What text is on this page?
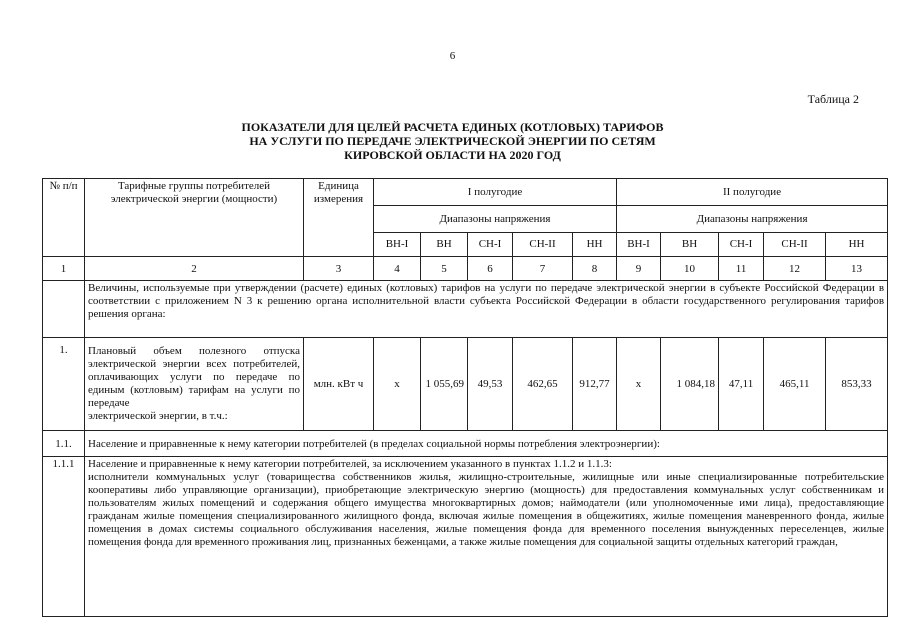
6
Таблица 2
ПОКАЗАТЕЛИ ДЛЯ ЦЕЛЕЙ РАСЧЕТА ЕДИНЫХ (КОТЛОВЫХ) ТАРИФОВ
НА УСЛУГИ ПО ПЕРЕДАЧЕ ЭЛЕКТРИЧЕСКОЙ ЭНЕРГИИ ПО СЕТЯМ
КИРОВСКОЙ ОБЛАСТИ НА 2020 ГОД
№ п/п	Тарифные группы потребителей электрической энергии (мощности)	Единица
измерения	I полугодие					II полугодие				
			Диапазоны напряжения					Диапазоны напряжения				
			ВН-I	ВН	СН-I	СН-II	НН	ВН-I	ВН	СН-I	СН-II	НН
1	2	3	4	5	6	7	8	9	10	11	12	13
	Величины, используемые при утверждении (расчете) единых (котловых) тарифов на услуги по передаче электрической энергии в субъекте Российской Федерации в соответствии с приложением N 3 к решению органа исполнительной власти субъекта Российской Федерации в области государственного регулирования тарифов решения органа:											
1.	Плановый объем полезного отпуска электрической энергии всех потребителей, оплачивающих услуги по передаче по единым (котловым) тарифам на услуги по передаче
электрической энергии, в т.ч.:	млн. кВт ч	х	1 055,69	49,53	462,65	912,77	х	1 084,18	47,11	465,11	853,33
1.1.	Население и приравненные к нему категории потребителей (в пределах социальной нормы потребления электроэнергии):											
1.1.1	Население и приравненные к нему категории потребителей, за исключением указанного в пунктах 1.1.2 и 1.1.3:
исполнители коммунальных услуг (товарищества собственников жилья, жилищно-строительные, жилищные или иные специализированные потребительские кооперативы либо управляющие организации), приобретающие электрическую энергию (мощность) для предоставления коммунальных услуг собственникам и пользователям жилых помещений и содержания общего имущества многоквартирных домов; наймодатели (или уполномоченные ими лица), предоставляющие гражданам жилые помещения специализированного жилищного фонда, включая жилые помещения в общежитиях, жилые помещения маневренного фонда, жилые помещения в домах системы социального обслуживания населения, жилые помещения фонда для временного поселения вынужденных переселенцев, жилые помещения фонда для временного проживания лиц, признанных беженцами, а также жилые помещения для социальной защиты отдельных категорий граждан,											
